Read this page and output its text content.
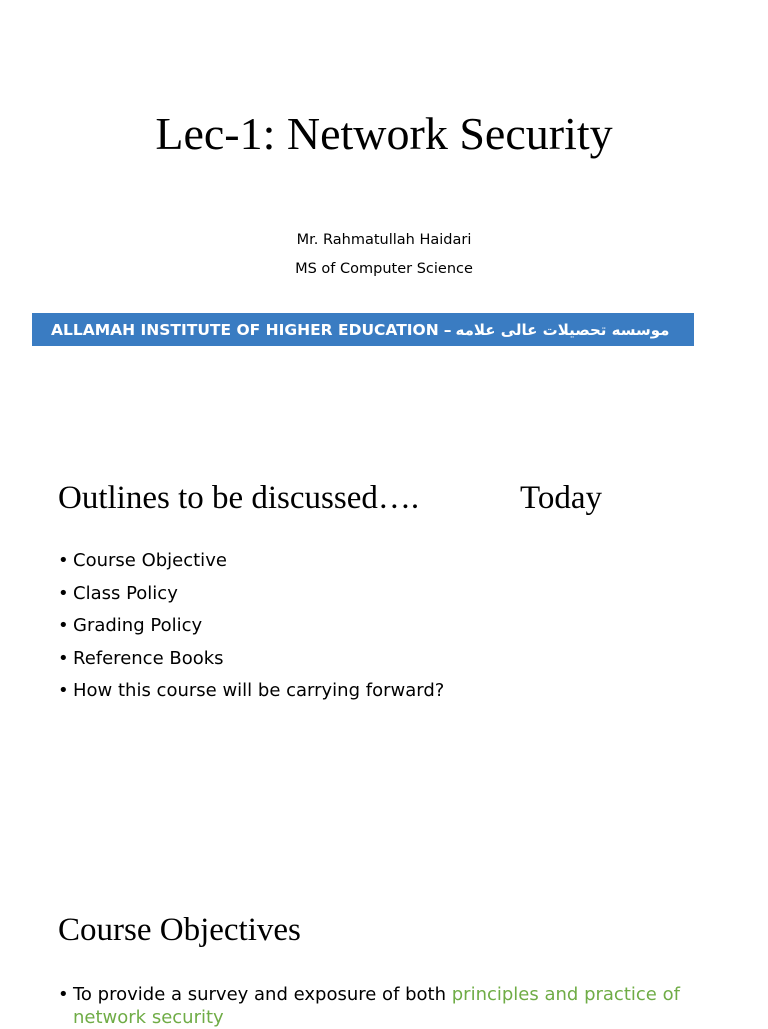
Lec-1: Network Security
Mr. Rahmatullah Haidari
MS of Computer Science
ALLAMAH INSTITUTE OF HIGHER EDUCATION – موسسه تحصیلات عالی علامه
Outlines to be discussed….	Today
• Course Objective
• Class Policy
• Grading Policy
• Reference Books
• How this course will be carrying forward?
Course Objectives
• To provide a survey and exposure of both principles and practice of network security
